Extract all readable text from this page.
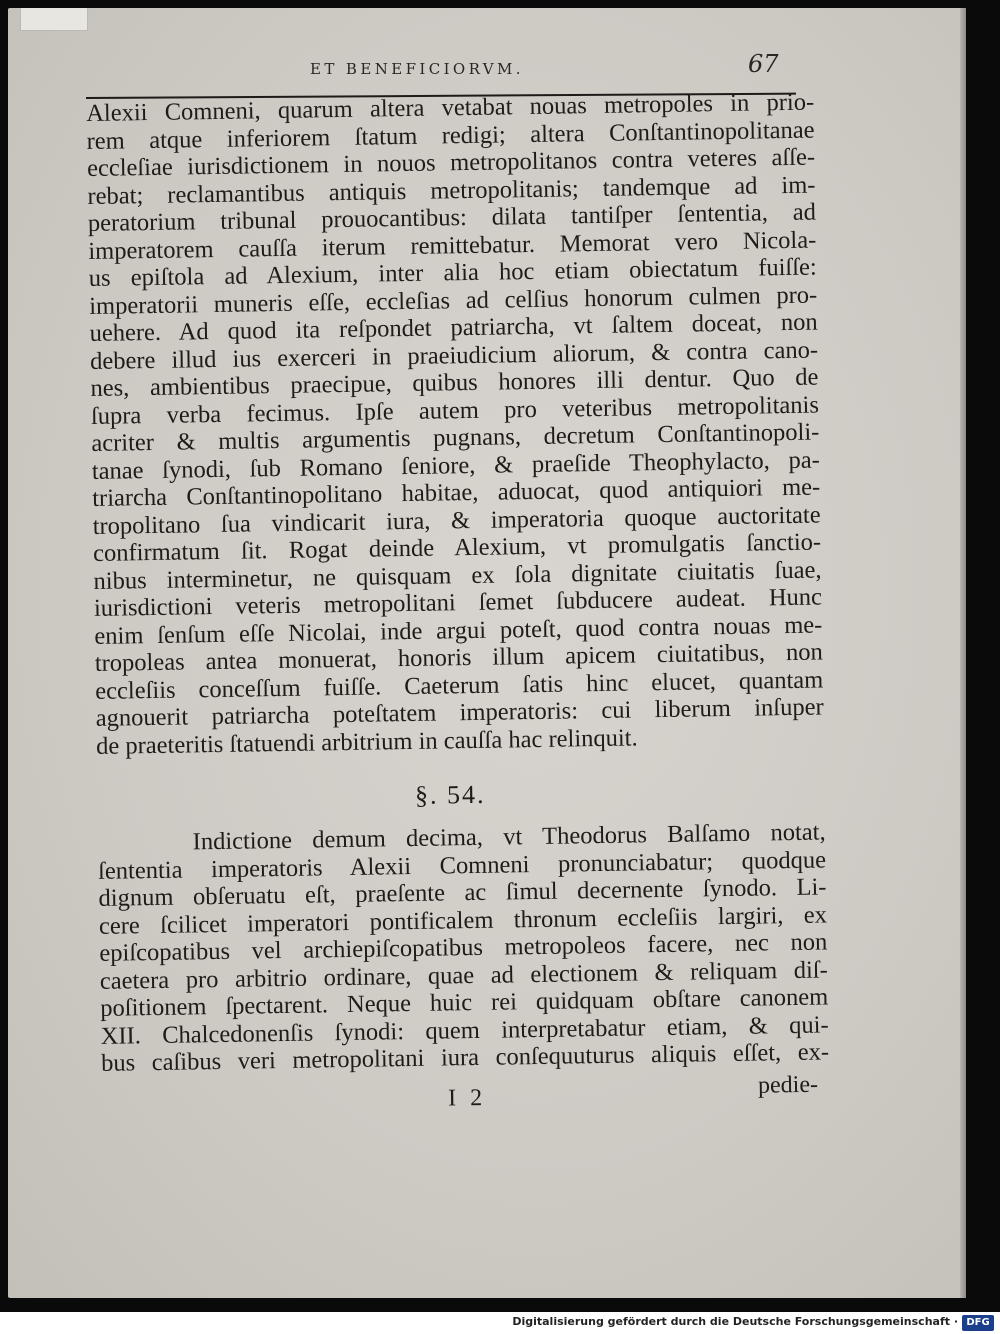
ET BENEFICIORVM.	67
Alexii Comneni, quarum altera vetabat nouas metropoles in prio-
rem atque inferiorem ſtatum redigi; altera Conſtantinopolitanae
eccleſiae iurisdictionem in nouos metropolitanos contra veteres aſſe-
rebat; reclamantibus antiquis metropolitanis; tandemque ad im-
peratorium tribunal prouocantibus: dilata tantiſper ſententia, ad
imperatorem cauſſa iterum remittebatur. Memorat vero Nicola-
us epiſtola ad Alexium, inter alia hoc etiam obiectatum fuiſſe:
imperatorii muneris eſſe, eccleſias ad celſius honorum culmen pro-
uehere. Ad quod ita reſpondet patriarcha, vt ſaltem doceat, non
debere illud ius exerceri in praeiudicium aliorum, & contra cano-
nes, ambientibus praecipue, quibus honores illi dentur. Quo de
ſupra verba fecimus. Ipſe autem pro veteribus metropolitanis
acriter & multis argumentis pugnans, decretum Conſtantinopoli-
tanae ſynodi, ſub Romano ſeniore, & praeſide Theophylacto, pa-
triarcha Conſtantinopolitano habitae, aduocat, quod antiquiori me-
tropolitano ſua vindicarit iura, & imperatoria quoque auctoritate
confirmatum ſit. Rogat deinde Alexium, vt promulgatis ſanctio-
nibus interminetur, ne quisquam ex ſola dignitate ciuitatis ſuae,
iurisdictioni veteris metropolitani ſemet ſubducere audeat. Hunc
enim ſenſum eſſe Nicolai, inde argui poteſt, quod contra nouas me-
tropoleas antea monuerat, honoris illum apicem ciuitatibus, non
eccleſiis conceſſum fuiſſe. Caeterum ſatis hinc elucet, quantam
agnouerit patriarcha poteſtatem imperatoris: cui liberum inſuper
de praeteritis ſtatuendi arbitrium in cauſſa hac relinquit.
§. 54.
Indictione demum decima, vt Theodorus Balſamo notat,
ſententia imperatoris Alexii Comneni pronunciabatur; quodque
dignum obſeruatu eſt, praeſente ac ſimul decernente ſynodo. Li-
cere ſcilicet imperatori pontificalem thronum eccleſiis largiri, ex
epiſcopatibus vel archiepiſcopatibus metropoleos facere, nec non
caetera pro arbitrio ordinare, quae ad electionem & reliquam diſ-
poſitionem ſpectarent. Neque huic rei quidquam obſtare canonem
XII. Chalcedonenſis ſynodi: quem interpretabatur etiam, & qui-
bus caſibus veri metropolitani iura conſequuturus aliquis eſſet, ex-
I 2	pedie-
Digitalisierung gefördert durch die Deutsche Forschungsgemeinschaft · DFG
